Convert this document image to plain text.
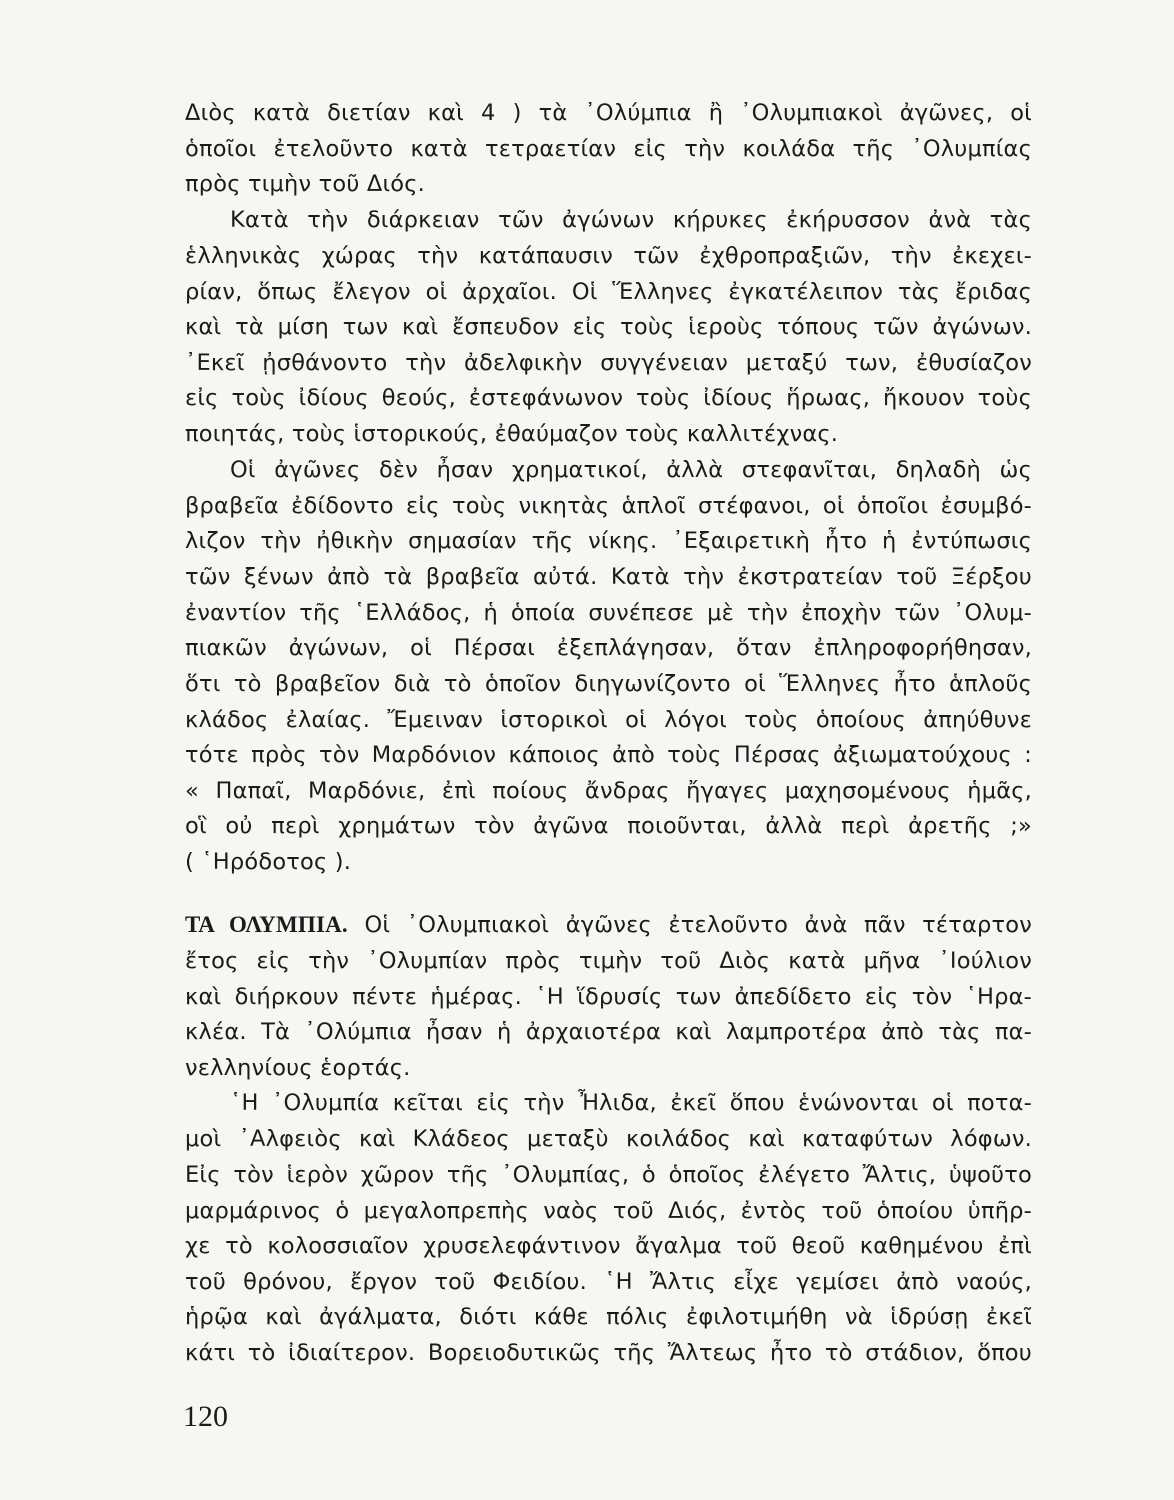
Διὸς κατὰ διετίαν καὶ 4 ) τὰ ᾿Ολύμπια ἢ ᾿Ολυμπιακοὶ ἀγῶνες, οἱ
ὁποῖοι ἐτελοῦντο κατὰ τετραετίαν εἰς τὴν κοιλάδα τῆς ᾿Ολυμπίας
πρὸς τιμὴν τοῦ Διός.
Κατὰ τὴν διάρκειαν τῶν ἀγώνων κήρυκες ἐκήρυσσον ἀνὰ τὰς
ἑλληνικὰς χώρας τὴν κατάπαυσιν τῶν ἐχθροπραξιῶν, τὴν ἐκεχει-
ρίαν, ὅπως ἔλεγον οἱ ἀρχαῖοι. Οἱ Ἕλληνες ἐγκατέλειπον τὰς ἔριδας
καὶ τὰ μίση των καὶ ἔσπευδον εἰς τοὺς ἱεροὺς τόπους τῶν ἀγώνων.
᾿Εκεῖ ᾐσθάνοντο τὴν ἀδελφικὴν συγγένειαν μεταξύ των, ἐθυσίαζον
εἰς τοὺς ἰδίους θεούς, ἐστεφάνωνον τοὺς ἰδίους ἥρωας, ἤκουον τοὺς
ποιητάς, τοὺς ἱστορικούς, ἐθαύμαζον τοὺς καλλιτέχνας.
Οἱ ἀγῶνες δὲν ἦσαν χρηματικοί, ἀλλὰ στεφανῖται, δηλαδὴ ὡς
βραβεῖα ἐδίδοντο εἰς τοὺς νικητὰς ἁπλοῖ στέφανοι, οἱ ὁποῖοι ἐσυμβό-
λιζον τὴν ἠθικὴν σημασίαν τῆς νίκης. ᾿Εξαιρετικὴ ἦτο ἡ ἐντύπωσις
τῶν ξένων ἀπὸ τὰ βραβεῖα αὐτά. Κατὰ τὴν ἐκστρατείαν τοῦ Ξέρξου
ἐναντίον τῆς ῾Ελλάδος, ἡ ὁποία συνέπεσε μὲ τὴν ἐποχὴν τῶν ᾿Ολυμ-
πιακῶν ἀγώνων, οἱ Πέρσαι ἐξεπλάγησαν, ὅταν ἐπληροφορήθησαν,
ὅτι τὸ βραβεῖον διὰ τὸ ὁποῖον διηγωνίζοντο οἱ Ἕλληνες ἦτο ἁπλοῦς
κλάδος ἐλαίας. Ἔμειναν ἱστορικοὶ οἱ λόγοι τοὺς ὁποίους ἀπηύθυνε
τότε πρὸς τὸν Μαρδόνιον κάποιος ἀπὸ τοὺς Πέρσας ἀξιωματούχους :
« Παπαῖ, Μαρδόνιε, ἐπὶ ποίους ἄνδρας ἤγαγες μαχησομένους ἡμᾶς,
οἳ οὐ περὶ χρημάτων τὸν ἀγῶνα ποιοῦνται, ἀλλὰ περὶ ἀρετῆς ;»
( ῾Ηρόδοτος ).
ΤΑ ΟΛΥΜΠΙΑ. Οἱ ᾿Ολυμπιακοὶ ἀγῶνες ἐτελοῦντο ἀνὰ πᾶν τέταρτον
ἔτος εἰς τὴν ᾿Ολυμπίαν πρὸς τιμὴν τοῦ Διὸς κατὰ μῆνα ᾿Ιούλιον
καὶ διήρκουν πέντε ἡμέρας. ῾Η ἵδρυσίς των ἀπεδίδετο εἰς τὸν ῾Ηρα-
κλέα. Τὰ ᾿Ολύμπια ἦσαν ἡ ἀρχαιοτέρα καὶ λαμπροτέρα ἀπὸ τὰς πα-
νελληνίους ἑορτάς.
῾Η ᾿Ολυμπία κεῖται εἰς τὴν Ἦλιδα, ἐκεῖ ὅπου ἑνώνονται οἱ ποτα-
μοὶ ᾿Αλφειὸς καὶ Κλάδεος μεταξὺ κοιλάδος καὶ καταφύτων λόφων.
Εἰς τὸν ἱερὸν χῶρον τῆς ᾿Ολυμπίας, ὁ ὁποῖος ἐλέγετο Ἄλτις, ὑψοῦτο
μαρμάρινος ὁ μεγαλοπρεπὴς ναὸς τοῦ Διός, ἐντὸς τοῦ ὁποίου ὑπῆρ-
χε τὸ κολοσσιαῖον χρυσελεφάντινον ἄγαλμα τοῦ θεοῦ καθημένου ἐπὶ
τοῦ θρόνου, ἔργον τοῦ Φειδίου. ῾Η Ἄλτις εἶχε γεμίσει ἀπὸ ναούς,
ἡρῷα καὶ ἀγάλματα, διότι κάθε πόλις ἐφιλοτιμήθη νὰ ἱδρύσῃ ἐκεῖ
κάτι τὸ ἰδιαίτερον. Βορειοδυτικῶς τῆς Ἄλτεως ἦτο τὸ στάδιον, ὅπου
120
